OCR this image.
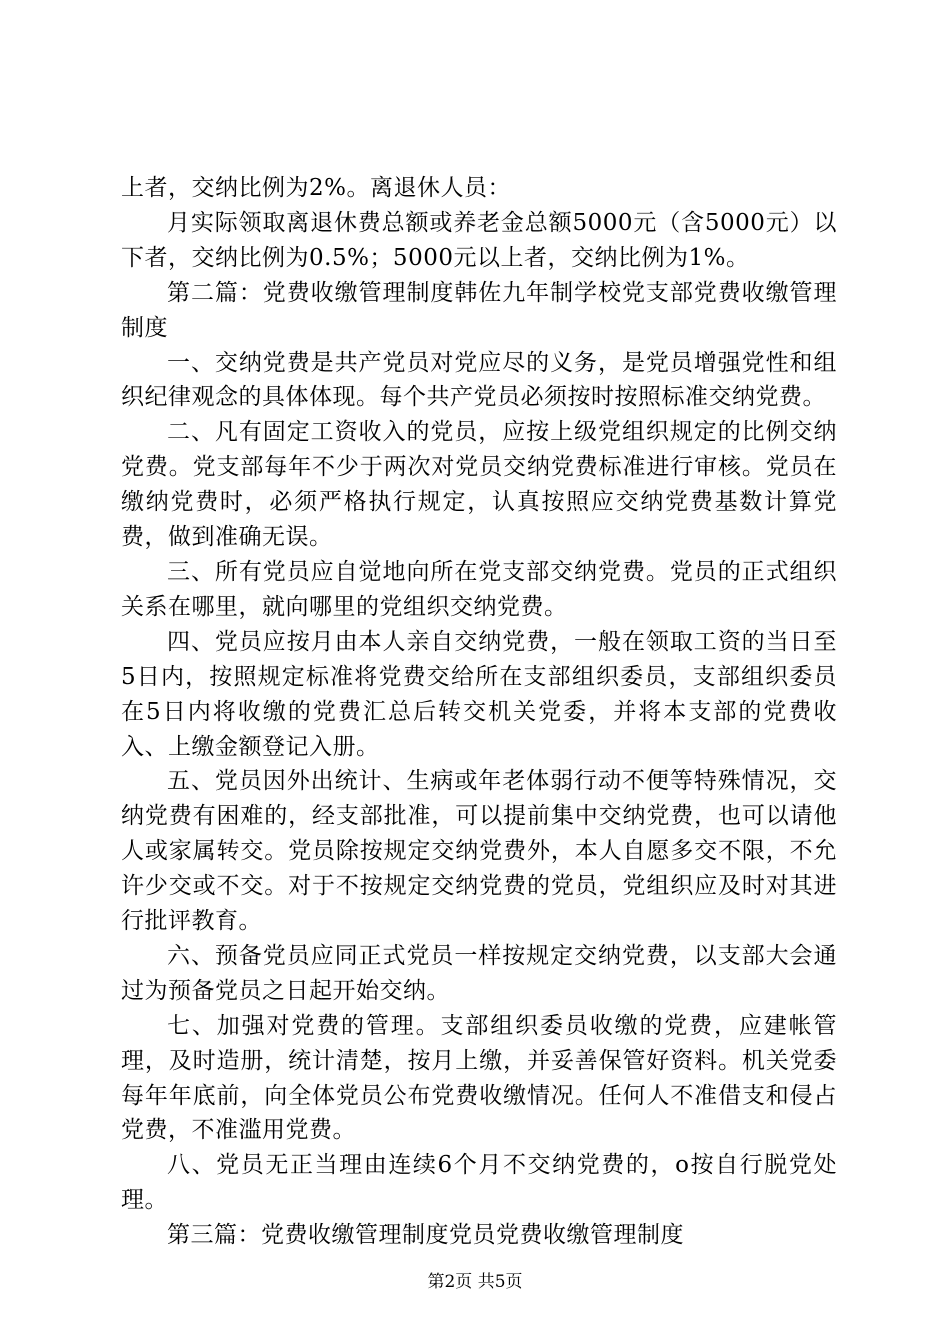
上者，交纳比例为2%。离退休人员：

月实际领取离退休费总额或养老金总额5000元（含5000元）以下者，交纳比例为0.5%；5000元以上者，交纳比例为1%。

第二篇：党费收缴管理制度韩佐九年制学校党支部党费收缴管理制度

一、交纳党费是共产党员对党应尽的义务，是党员增强党性和组织纪律观念的具体体现。每个共产党员必须按时按照标准交纳党费。

二、凡有固定工资收入的党员，应按上级党组织规定的比例交纳党费。党支部每年不少于两次对党员交纳党费标准进行审核。党员在缴纳党费时，必须严格执行规定，认真按照应交纳党费基数计算党费，做到准确无误。

三、所有党员应自觉地向所在党支部交纳党费。党员的正式组织关系在哪里，就向哪里的党组织交纳党费。

四、党员应按月由本人亲自交纳党费，一般在领取工资的当日至5日内，按照规定标准将党费交给所在支部组织委员，支部组织委员在5日内将收缴的党费汇总后转交机关党委，并将本支部的党费收入、上缴金额登记入册。

五、党员因外出统计、生病或年老体弱行动不便等特殊情况，交纳党费有困难的，经支部批准，可以提前集中交纳党费，也可以请他人或家属转交。党员除按规定交纳党费外，本人自愿多交不限，不允许少交或不交。对于不按规定交纳党费的党员，党组织应及时对其进行批评教育。

六、预备党员应同正式党员一样按规定交纳党费，以支部大会通过为预备党员之日起开始交纳。

七、加强对党费的管理。支部组织委员收缴的党费，应建帐管理，及时造册，统计清楚，按月上缴，并妥善保管好资料。机关党委每年年底前，向全体党员公布党费收缴情况。任何人不准借支和侵占党费，不准滥用党费。

八、党员无正当理由连续6个月不交纳党费的，o按自行脱党处理。

第三篇：党费收缴管理制度党员党费收缴管理制度

第2页 共5页
